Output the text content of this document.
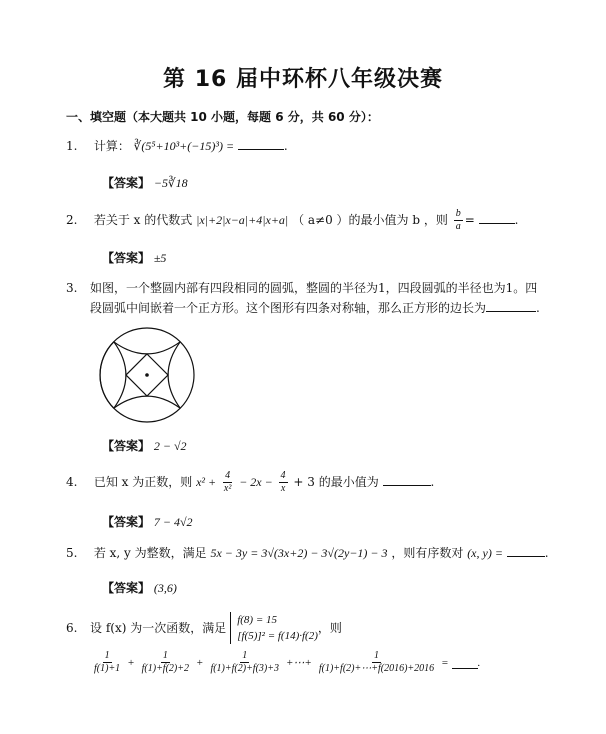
第 16 届中环杯八年级决赛
一、填空题（本大题共 10 小题，每题 6 分，共 60 分）：
1. 计算： ∛(5⁵+10³+(−15)³) =	.
【答案】 −5∛18
2. 若关于 x 的代数式 |x|+2|x−a|+4|x+a| （ a≠0 ）的最小值为 b ，则 $\frac{b}{a}$ =	.
【答案】 ±5
3. 如图，一个整圆内部有四段相同的圆弧，整圆的半径为1，四段圆弧的半径也为1。四
段圆弧中间嵌着一个正方形。这个图形有四条对称轴，那么正方形的边长为	.
【答案】 2 − √2
4. 已知 x 为正数，则 $x^2 + \frac{4}{\text{x²}} - 2x - \frac{4}{x} + 3$ 的最小值为	.
【答案】 7 − 4√2
5. 若 x, y 为整数，满足 5x − 3y = 3√(3x+2) − 3√(2y−1) − 3 ，则有序数对 (x, y) =	.
【答案】 (3,6)
6.	设 f(x) 为一次函数，满足
f(8) = 15
[f(5)]² = f(14)·f(2)
，则
$\frac{1}{f(1)+1} + \frac{1}{f(1)+f(2)+2} + \frac{1}{f(1)+f(2)+f(3)+3}$ +⋯+ $\frac{1}{f(1)+f(2)+\cdots+f(2016)+2016}$ =	.
